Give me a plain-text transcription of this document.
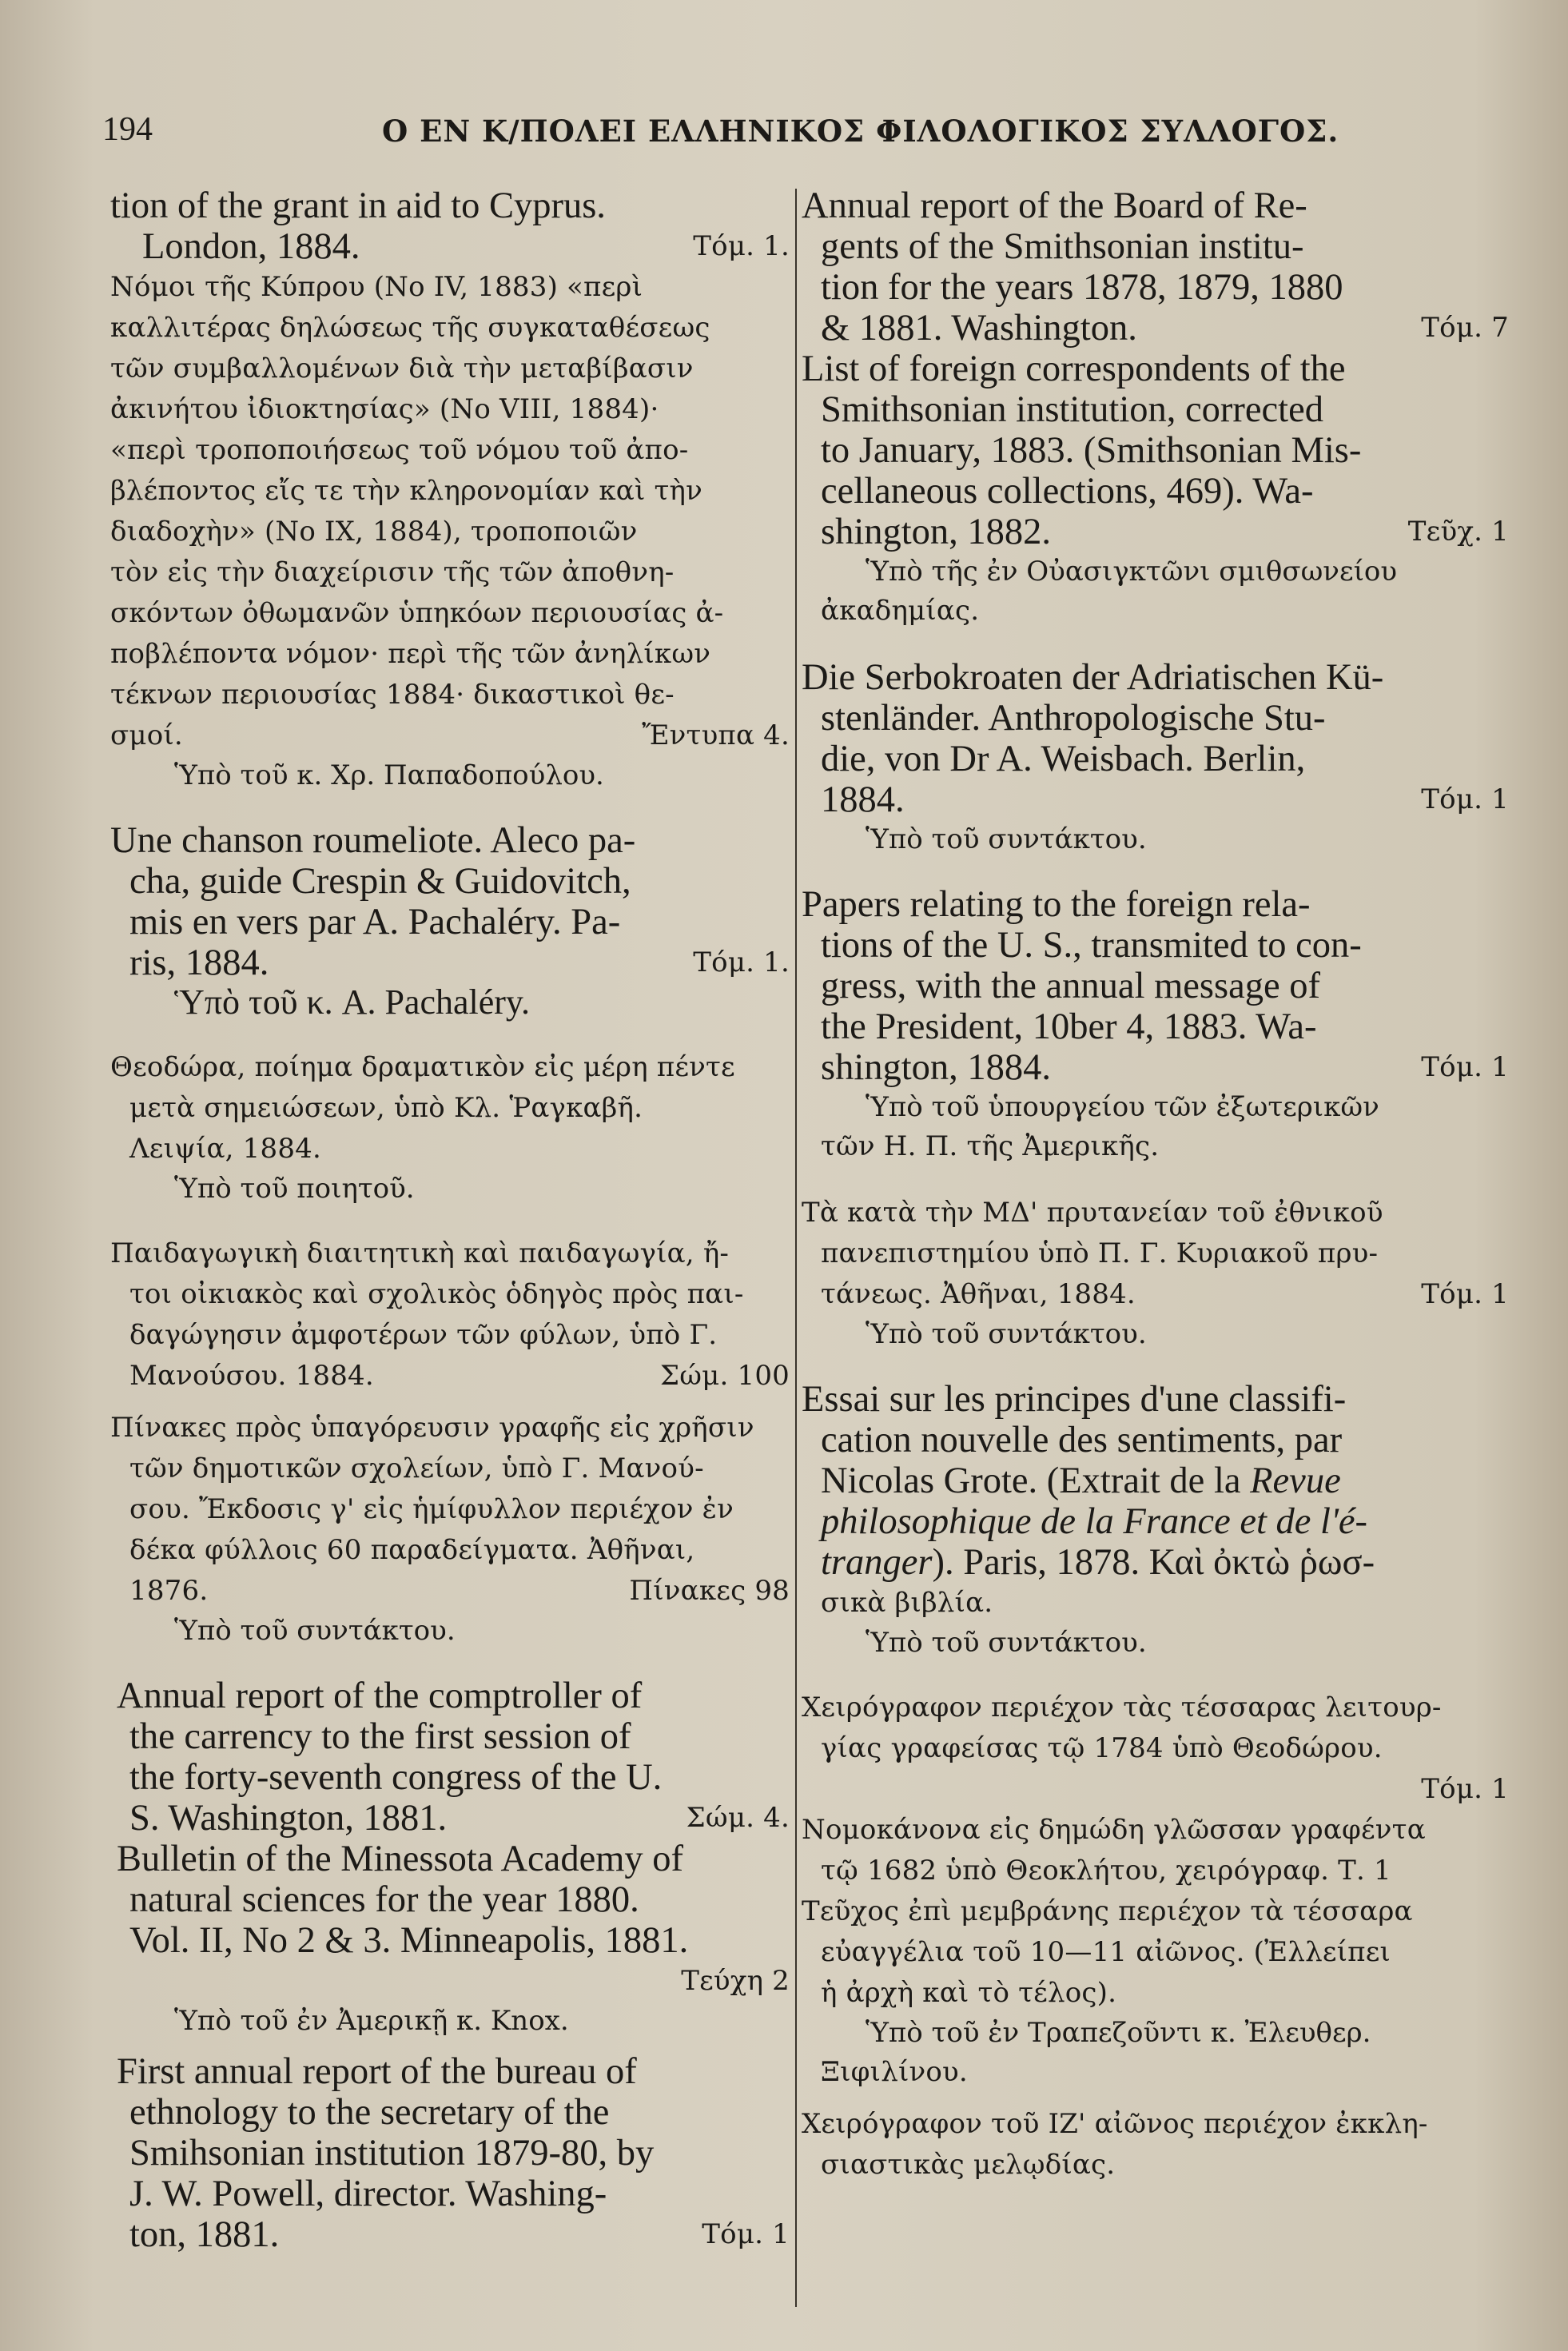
194	Ο ΕΝ Κ/ΠΟΛΕΙ ΕΛΛΗΝΙΚΟΣ ΦΙΛΟΛΟΓΙΚΟΣ ΣΥΛΛΟΓΟΣ.

tion of the grant in aid to Cyprus.

London, 1884.	Τόμ. 1.

Νόμοι τῆς Κύπρου (Νο IV, 1883) «περὶ

καλλιτέρας δηλώσεως τῆς συγκαταθέσεως

τῶν συμβαλλομένων διὰ τὴν μεταβίβασιν

ἀκινήτου ἰδιοκτησίας» (Νο VIII, 1884)·

«περὶ τροποποιήσεως τοῦ νόμου τοῦ ἀπο-

βλέποντος εἴς τε τὴν κληρονομίαν καὶ τὴν

διαδοχὴν» (Νο IX, 1884), τροποποιῶν

τὸν εἰς τὴν διαχείρισιν τῆς τῶν ἀποθνη-

σκόντων ὀθωμανῶν ὑπηκόων περιουσίας ἀ-

ποβλέποντα νόμον· περὶ τῆς τῶν ἀνηλίκων

τέκνων περιουσίας 1884· δικαστικοὶ θε-

σμοί.	Ἔντυπα 4.

Ὑπὸ τοῦ κ. Χρ. Παπαδοπούλου.

Une chanson roumeliote. Aleco pa-

cha, guide Crespin & Guidovitch,

mis en vers par A. Pachaléry. Pa-

ris, 1884.	Τόμ. 1.

Ὑπὸ τοῦ κ. A. Pachaléry.

Θεοδώρα, ποίημα δραματικὸν εἰς μέρη πέντε

μετὰ σημειώσεων, ὑπὸ Κλ. Ῥαγκαβῆ.

Λειψία, 1884.

Ὑπὸ τοῦ ποιητοῦ.

Παιδαγωγικὴ διαιτητικὴ καὶ παιδαγωγία, ἤ-

τοι οἰκιακὸς καὶ σχολικὸς ὁδηγὸς πρὸς παι-

δαγώγησιν ἀμφοτέρων τῶν φύλων, ὑπὸ Γ.

Μανούσου. 1884.	Σώμ. 100

Πίνακες πρὸς ὑπαγόρευσιν γραφῆς εἰς χρῆσιν

τῶν δημοτικῶν σχολείων, ὑπὸ Γ. Μανού-

σου. Ἔκδοσις γ' εἰς ἡμίφυλλον περιέχον ἐν

δέκα φύλλοις 60 παραδείγματα. Ἀθῆναι,

1876.	Πίνακες 98

Ὑπὸ τοῦ συντάκτου.

Annual report of the comptroller of

the carrency to the first session of

the forty-seventh congress of the U.

S. Washington, 1881.	Σώμ. 4.

Bulletin of the Minessota Academy of

natural sciences for the year 1880.

Vol. II, Νο 2 & 3. Minneapolis, 1881.

Τεύχη 2

Ὑπὸ τοῦ ἐν Ἀμερικῇ κ. Knox.

First annual report of the bureau of

ethnology to the secretary of the

Smihsonian institution 1879-80, by

J. W. Powell, director. Washing-

ton, 1881.	Τόμ. 1

Annual report of the Board of Re-

gents of the Smithsonian institu-

tion for the years 1878, 1879, 1880

& 1881. Washington.	Τόμ. 7

List of foreign correspondents of the

Smithsonian institution, corrected

to January, 1883. (Smithsonian Mis-

cellaneous collections, 469). Wa-

shington, 1882.	Τεῦχ. 1

Ὑπὸ τῆς ἐν Οὐασιγκτῶνι σμιθσωνείου

ἀκαδημίας.

Die Serbokroaten der Adriatischen Kü-

stenländer. Anthropologische Stu-

die, von Dr A. Weisbach. Berlin,

1884.	Τόμ. 1

Ὑπὸ τοῦ συντάκτου.

Papers relating to the foreign rela-

tions of the U. S., transmited to con-

gress, with the annual message of

the President, 10ber 4, 1883. Wa-

shington, 1884.	Τόμ. 1

Ὑπὸ τοῦ ὑπουργείου τῶν ἐξωτερικῶν

τῶν Η. Π. τῆς Ἀμερικῆς.

Τὰ κατὰ τὴν ΜΔ' πρυτανείαν τοῦ ἐθνικοῦ

πανεπιστημίου ὑπὸ Π. Γ. Κυριακοῦ πρυ-

τάνεως. Ἀθῆναι, 1884.	Τόμ. 1

Ὑπὸ τοῦ συντάκτου.

Essai sur les principes d'une classifi-

cation nouvelle des sentiments, par

Nicolas Grote. (Extrait de la Revue

philosophique de la France et de l'é-

tranger). Paris, 1878. Καὶ ὀκτὼ ῥωσ-

σικὰ βιβλία.

Ὑπὸ τοῦ συντάκτου.

Χειρόγραφον περιέχον τὰς τέσσαρας λειτουρ-

γίας γραφείσας τῷ 1784 ὑπὸ Θεοδώρου.

Τόμ. 1

Νομοκάνονα εἰς δημώδη γλῶσσαν γραφέντα

τῷ 1682 ὑπὸ Θεοκλήτου, χειρόγραφ. Τ. 1

Τεῦχος ἐπὶ μεμβράνης περιέχον τὰ τέσσαρα

εὐαγγέλια τοῦ 10—11 αἰῶνος. (Ἐλλείπει

ἡ ἀρχὴ καὶ τὸ τέλος).

Ὑπὸ τοῦ ἐν Τραπεζοῦντι κ. Ἐλευθερ.

Ξιφιλίνου.

Χειρόγραφον τοῦ ΙΖ' αἰῶνος περιέχον ἐκκλη-

σιαστικὰς μελῳδίας.
